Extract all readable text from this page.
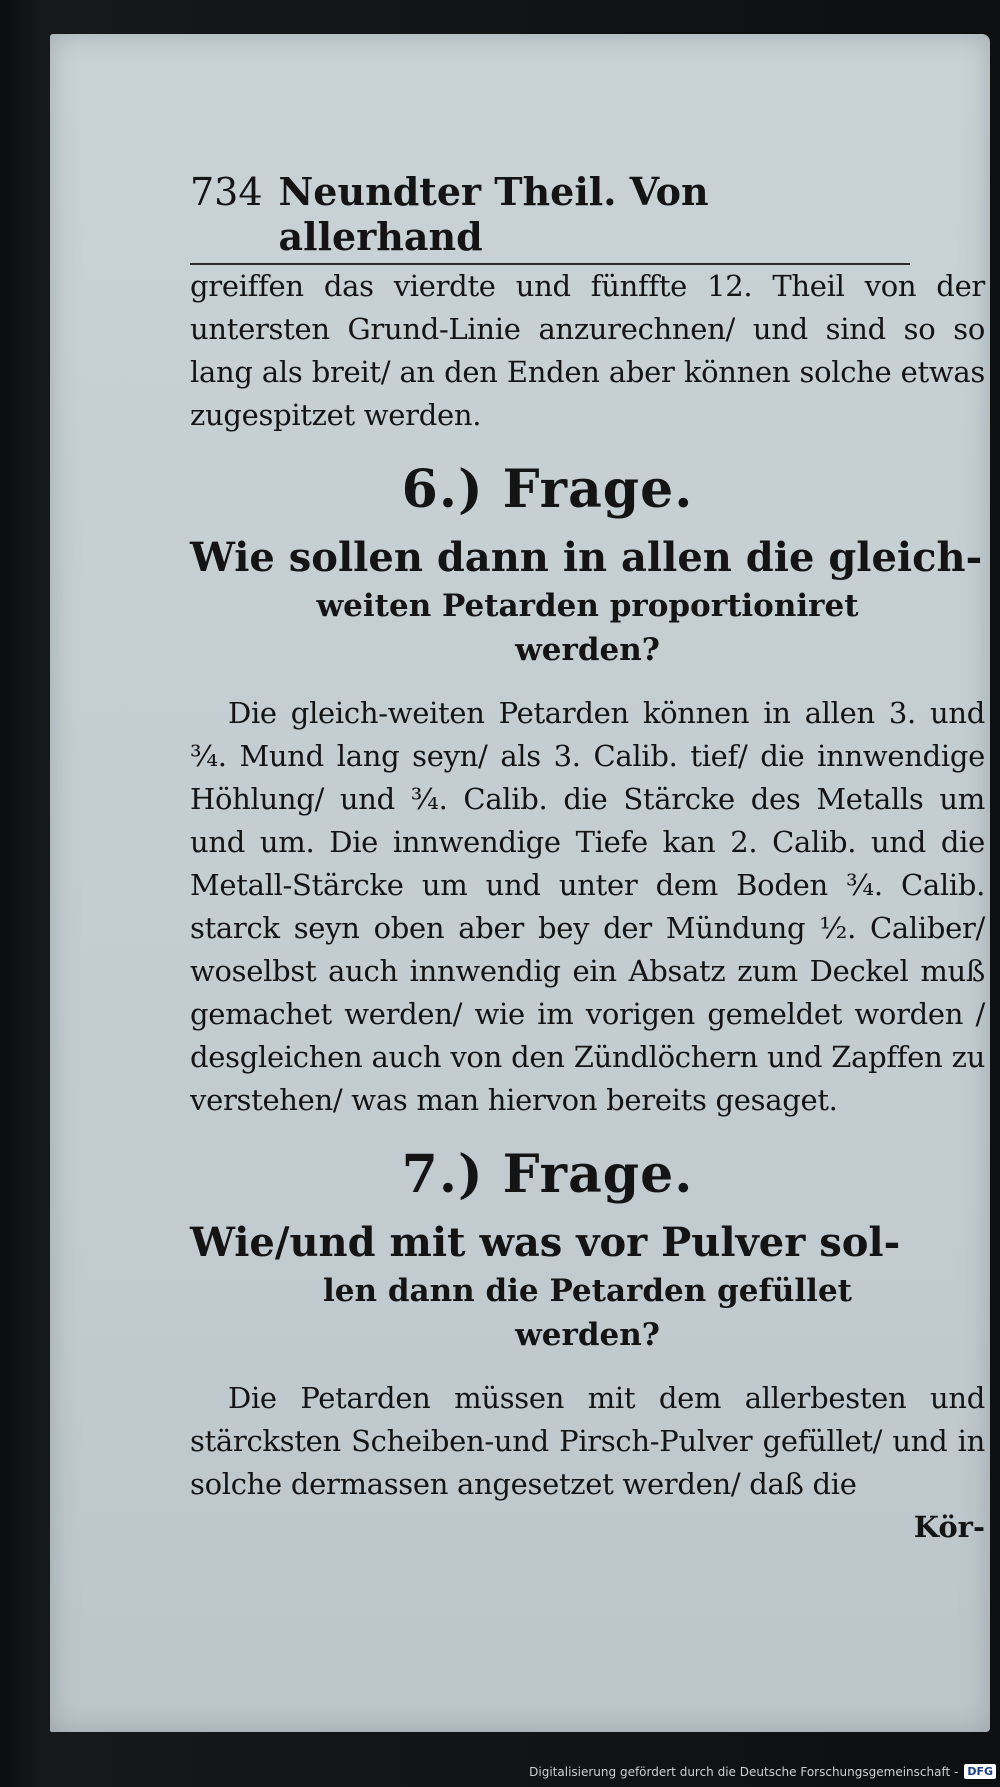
734 Neundter Theil. Von allerhand

greiffen das vierdte und fünffte 12. Theil von der untersten Grund-Linie anzurechnen/ und sind so so lang als breit/ an den Enden aber können solche etwas zugespitzet werden.

6.) Frage.
Wie sollen dann in allen die gleich-
weiten Petarden proportioniret
werden?

Die gleich-weiten Petarden können in allen 3. und ¾. Mund lang seyn/ als 3. Calib. tief/ die innwendige Höhlung/ und ¾. Calib. die Stärcke des Metalls um und um. Die innwendige Tiefe kan 2. Calib. und die Metall-Stärcke um und unter dem Boden ¾. Calib. starck seyn oben aber bey der Mündung ½. Caliber/ woselbst auch innwendig ein Absatz zum Deckel muß gemachet werden/ wie im vorigen gemeldet worden / desgleichen auch von den Zündlöchern und Zapffen zu verstehen/ was man hiervon bereits gesaget.

7.) Frage.
Wie/und mit was vor Pulver sol-
len dann die Petarden gefüllet
werden?

Die Petarden müssen mit dem allerbesten und stärcksten Scheiben-und Pirsch-Pulver gefüllet/ und in solche dermassen angesetzet werden/ daß die

Kör-
Digitalisierung gefördert durch die Deutsche Forschungsgemeinschaft - DFG
